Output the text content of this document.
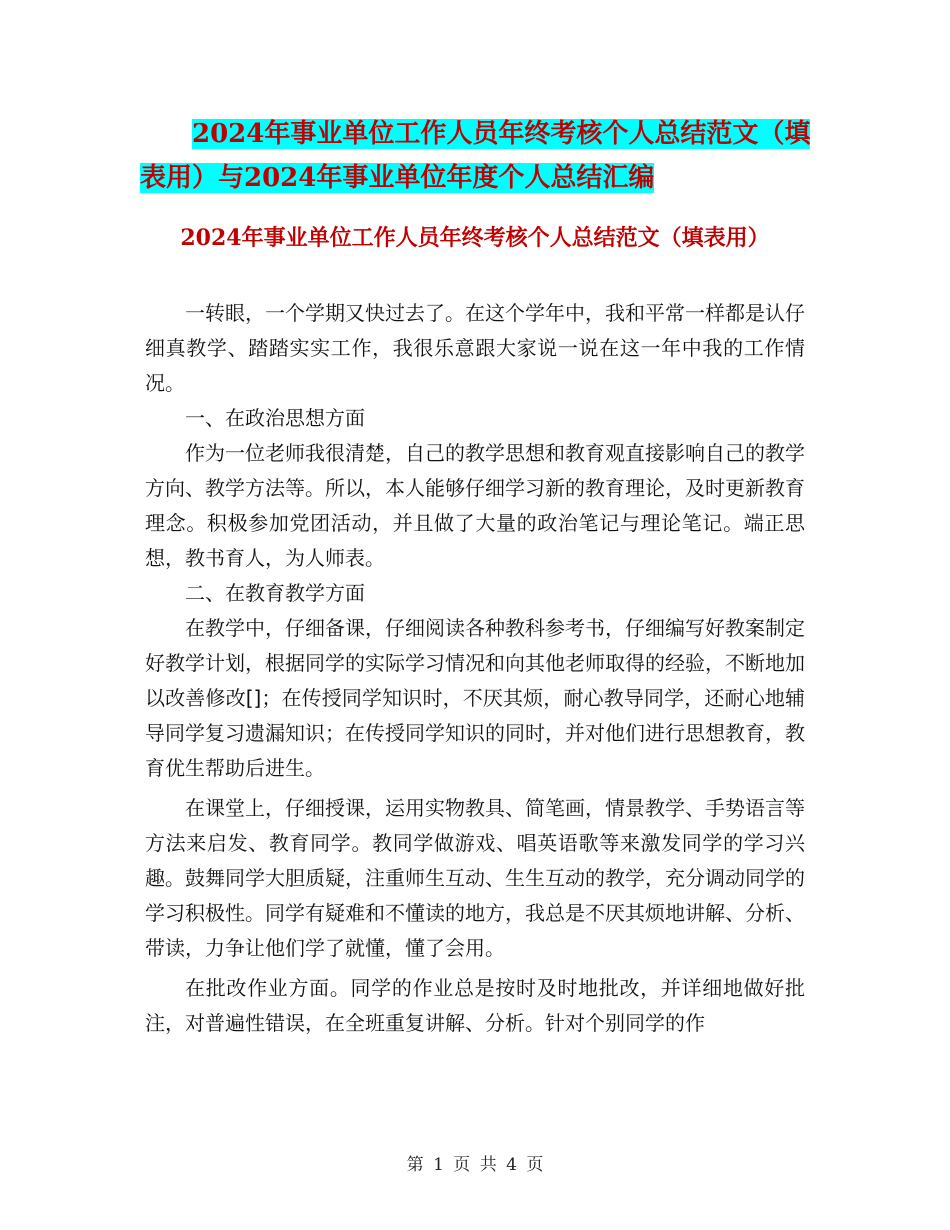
2024年事业单位工作人员年终考核个人总结范文（填
表用）与2024年事业单位年度个人总结汇编
2024年事业单位工作人员年终考核个人总结范文（填表用）

一转眼，一个学期又快过去了。在这个学年中，我和平常一样都是认仔细真教学、踏踏实实工作，我很乐意跟大家说一说在这一年中我的工作情况。

一、在政治思想方面

作为一位老师我很清楚，自己的教学思想和教育观直接影响自己的教学方向、教学方法等。所以，本人能够仔细学习新的教育理论，及时更新教育理念。积极参加党团活动，并且做了大量的政治笔记与理论笔记。端正思想，教书育人，为人师表。

二、在教育教学方面

在教学中，仔细备课，仔细阅读各种教科参考书，仔细编写好教案制定好教学计划，根据同学的实际学习情况和向其他老师取得的经验，不断地加以改善修改[]；在传授同学知识时，不厌其烦，耐心教导同学，还耐心地辅导同学复习遗漏知识；在传授同学知识的同时，并对他们进行思想教育，教育优生帮助后进生。

在课堂上，仔细授课，运用实物教具、简笔画，情景教学、手势语言等方法来启发、教育同学。教同学做游戏、唱英语歌等来激发同学的学习兴趣。鼓舞同学大胆质疑，注重师生互动、生生互动的教学，充分调动同学的学习积极性。同学有疑难和不懂读的地方，我总是不厌其烦地讲解、分析、带读，力争让他们学了就懂，懂了会用。

在批改作业方面。同学的作业总是按时及时地批改，并详细地做好批注，对普遍性错误，在全班重复讲解、分析。针对个别同学的作

第 1 页 共 4 页
